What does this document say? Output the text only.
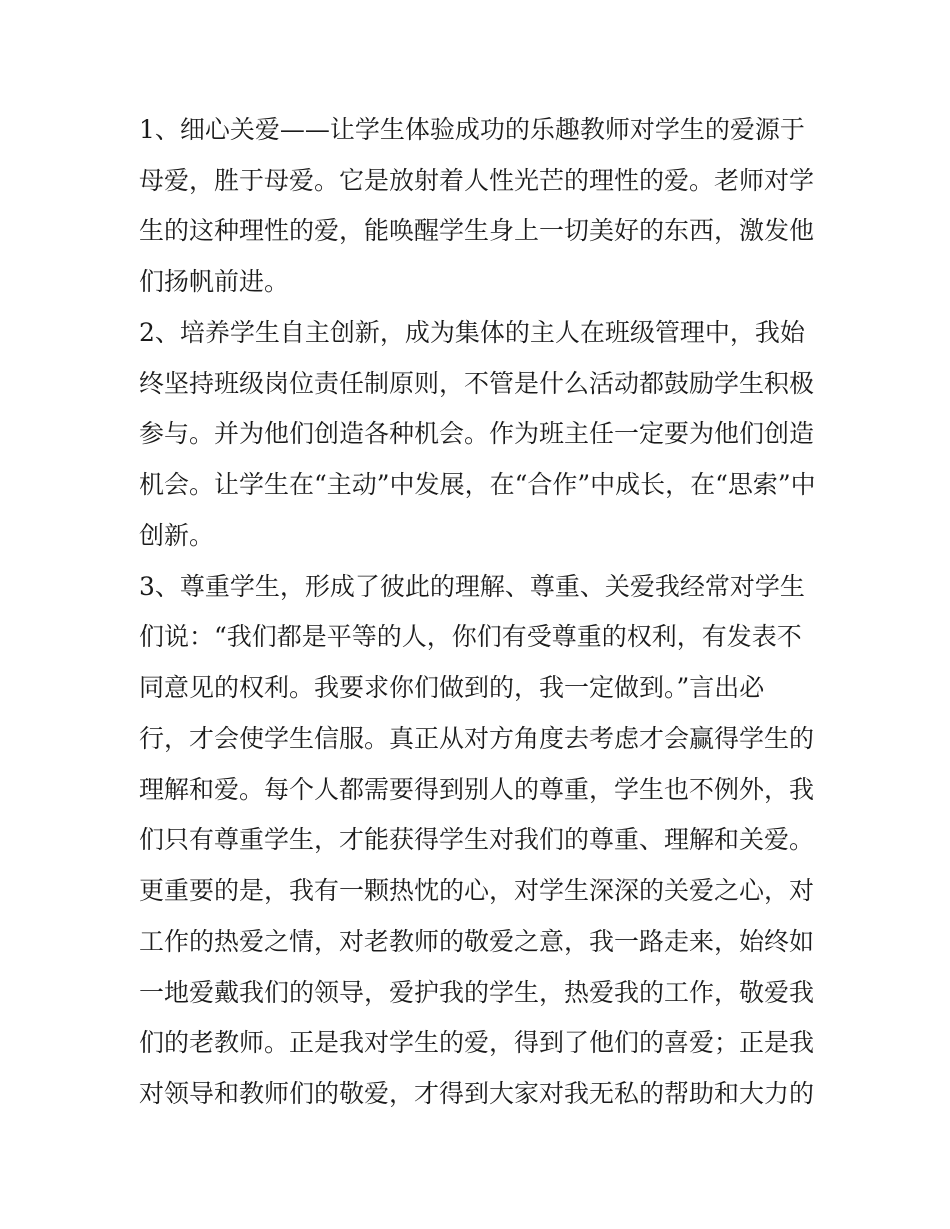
1、细心关爱——让学生体验成功的乐趣教师对学生的爱源于
母爱，胜于母爱。它是放射着人性光芒的理性的爱。老师对学
生的这种理性的爱，能唤醒学生身上一切美好的东西，激发他
们扬帆前进。
2、培养学生自主创新，成为集体的主人在班级管理中，我始
终坚持班级岗位责任制原则，不管是什么活动都鼓励学生积极
参与。并为他们创造各种机会。作为班主任一定要为他们创造
机会。让学生在“主动”中发展，在“合作”中成长，在“思索”中
创新。
3、尊重学生，形成了彼此的理解、尊重、关爱我经常对学生
们说：“我们都是平等的人，你们有受尊重的权利，有发表不
同意见的权利。我要求你们做到的，我一定做到。”言出必
行，才会使学生信服。真正从对方角度去考虑才会赢得学生的
理解和爱。每个人都需要得到别人的尊重，学生也不例外，我
们只有尊重学生，才能获得学生对我们的尊重、理解和关爱。
更重要的是，我有一颗热忱的心，对学生深深的关爱之心，对
工作的热爱之情，对老教师的敬爱之意，我一路走来，始终如
一地爱戴我们的领导，爱护我的学生，热爱我的工作，敬爱我
们的老教师。正是我对学生的爱，得到了他们的喜爱；正是我
对领导和教师们的敬爱，才得到大家对我无私的帮助和大力的
